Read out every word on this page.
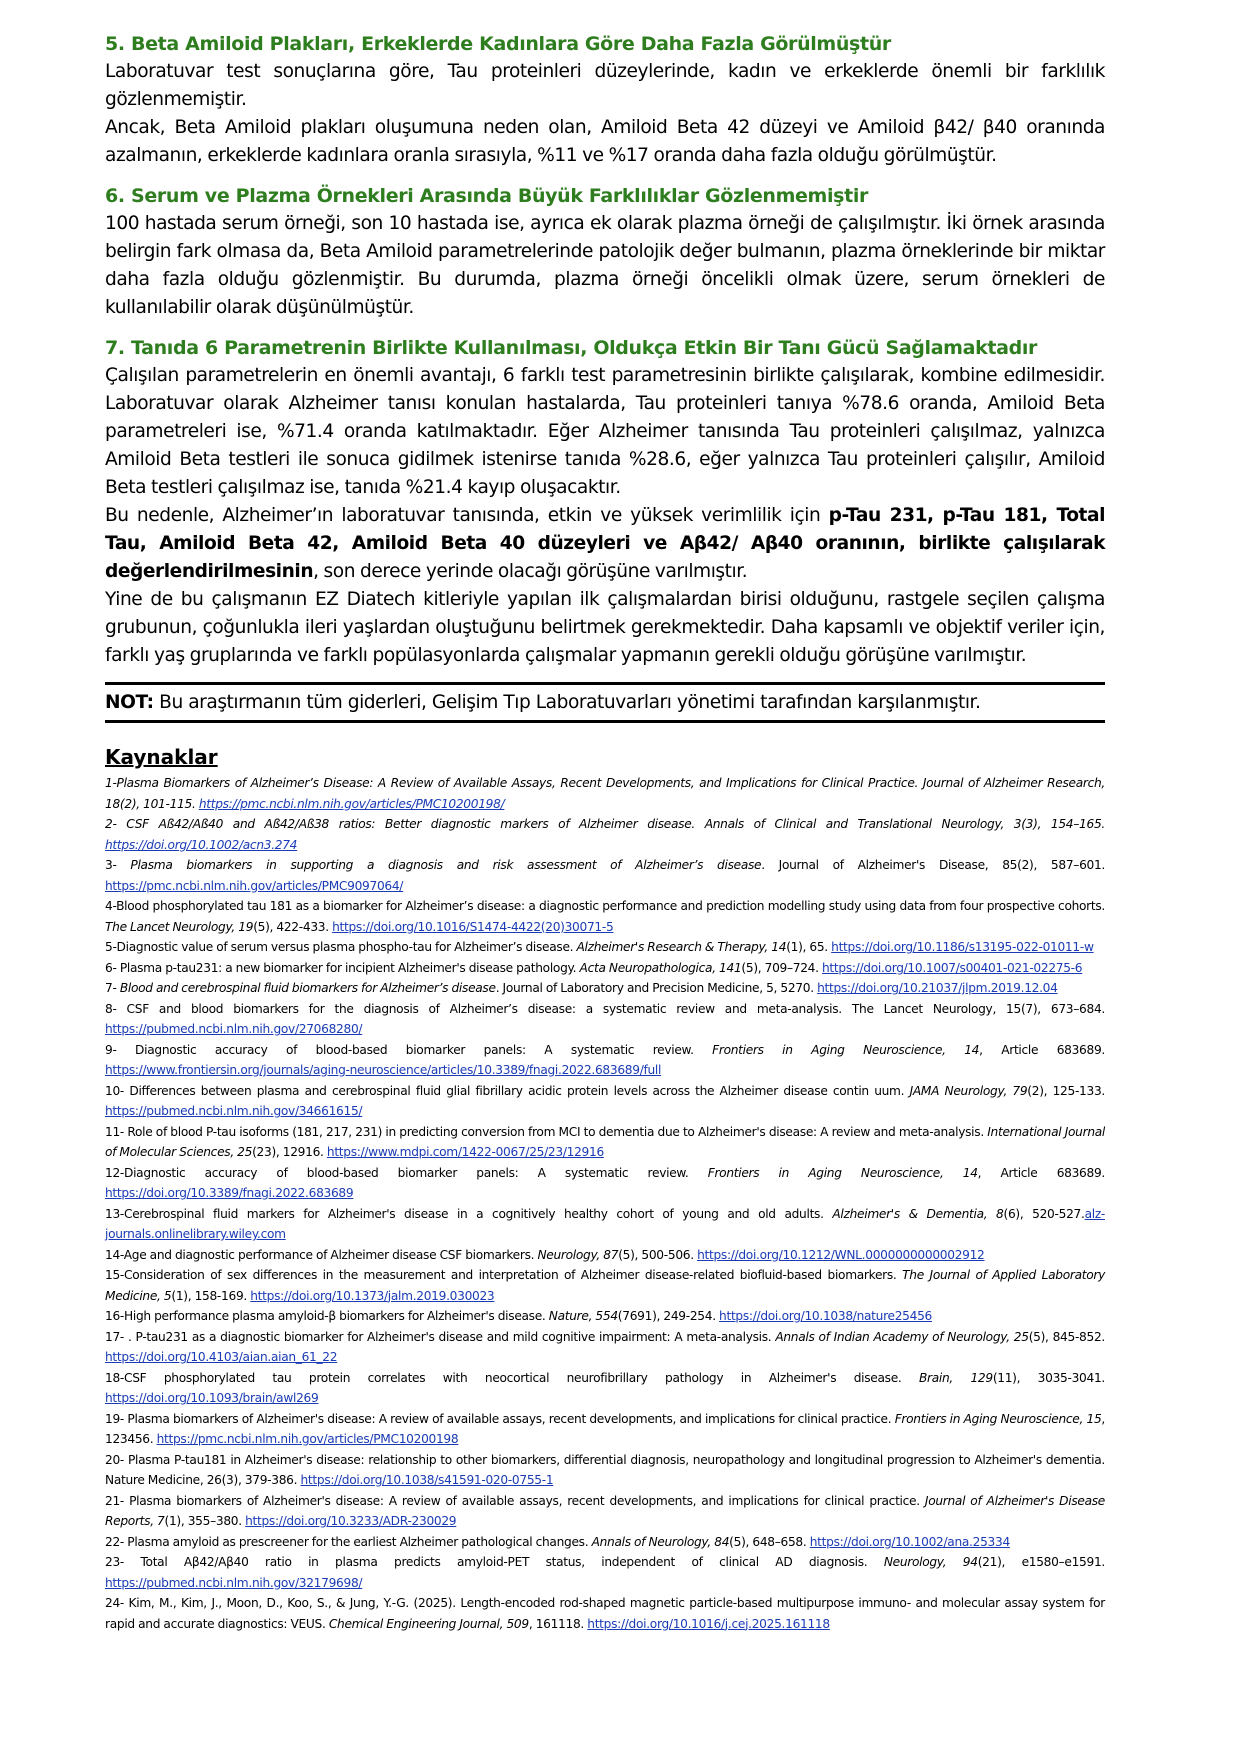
5. Beta Amiloid Plakları, Erkeklerde Kadınlara Göre Daha Fazla Görülmüştür

Laboratuvar test sonuçlarına göre, Tau proteinleri düzeylerinde, kadın ve erkeklerde önemli bir farklılık gözlenmemiştir.

Ancak, Beta Amiloid plakları oluşumuna neden olan, Amiloid Beta 42 düzeyi ve Amiloid β42/ β40 oranında azalmanın, erkeklerde kadınlara oranla sırasıyla, %11 ve %17 oranda daha fazla olduğu görülmüştür.

6. Serum ve Plazma Örnekleri Arasında Büyük Farklılıklar Gözlenmemiştir

100 hastada serum örneği, son 10 hastada ise, ayrıca ek olarak plazma örneği de çalışılmıştır. İki örnek arasında belirgin fark olmasa da, Beta Amiloid parametrelerinde patolojik değer bulmanın, plazma örneklerinde bir miktar daha fazla olduğu gözlenmiştir. Bu durumda, plazma örneği öncelikli olmak üzere, serum örnekleri de kullanılabilir olarak düşünülmüştür.

7. Tanıda 6 Parametrenin Birlikte Kullanılması, Oldukça Etkin Bir Tanı Gücü Sağlamaktadır

Çalışılan parametrelerin en önemli avantajı, 6 farklı test parametresinin birlikte çalışılarak, kombine edilmesidir. Laboratuvar olarak Alzheimer tanısı konulan hastalarda, Tau proteinleri tanıya %78.6 oranda, Amiloid Beta parametreleri ise, %71.4 oranda katılmaktadır. Eğer Alzheimer tanısında Tau proteinleri çalışılmaz, yalnızca Amiloid Beta testleri ile sonuca gidilmek istenirse tanıda %28.6, eğer yalnızca Tau proteinleri çalışılır, Amiloid Beta testleri çalışılmaz ise, tanıda %21.4 kayıp oluşacaktır.

Bu nedenle, Alzheimer’ın laboratuvar tanısında, etkin ve yüksek verimlilik için p-Tau 231, p-Tau 181, Total Tau, Amiloid Beta 42, Amiloid Beta 40 düzeyleri ve Aβ42/ Aβ40 oranının, birlikte çalışılarak değerlendirilmesinin, son derece yerinde olacağı görüşüne varılmıştır.

Yine de bu çalışmanın EZ Diatech kitleriyle yapılan ilk çalışmalardan birisi olduğunu, rastgele seçilen çalışma grubunun, çoğunlukla ileri yaşlardan oluştuğunu belirtmek gerekmektedir. Daha kapsamlı ve objektif veriler için, farklı yaş gruplarında ve farklı popülasyonlarda çalışmalar yapmanın gerekli olduğu görüşüne varılmıştır.

NOT: Bu araştırmanın tüm giderleri, Gelişim Tıp Laboratuvarları yönetimi tarafından karşılanmıştır.
Kaynaklar

1-Plasma Biomarkers of Alzheimer’s Disease: A Review of Available Assays, Recent Developments, and Implications for Clinical Practice. Journal of Alzheimer Research, 18(2), 101-115. https://pmc.ncbi.nlm.nih.gov/articles/PMC10200198/

2- CSF Aß42/Aß40 and Aß42/Aß38 ratios: Better diagnostic markers of Alzheimer disease. Annals of Clinical and Translational Neurology, 3(3), 154–165. https://doi.org/10.1002/acn3.274

3- Plasma biomarkers in supporting a diagnosis and risk assessment of Alzheimer’s disease. Journal of Alzheimer's Disease, 85(2), 587–601. https://pmc.ncbi.nlm.nih.gov/articles/PMC9097064/

4-Blood phosphorylated tau 181 as a biomarker for Alzheimer’s disease: a diagnostic performance and prediction modelling study using data from four prospective cohorts. The Lancet Neurology, 19(5), 422-433. https://doi.org/10.1016/S1474-4422(20)30071-5

5-Diagnostic value of serum versus plasma phospho-tau for Alzheimer’s disease. Alzheimer's Research & Therapy, 14(1), 65. https://doi.org/10.1186/s13195-022-01011-w

6- Plasma p-tau231: a new biomarker for incipient Alzheimer's disease pathology. Acta Neuropathologica, 141(5), 709–724. https://doi.org/10.1007/s00401-021-02275-6

7- Blood and cerebrospinal fluid biomarkers for Alzheimer’s disease. Journal of Laboratory and Precision Medicine, 5, 5270. https://doi.org/10.21037/jlpm.2019.12.04

8- CSF and blood biomarkers for the diagnosis of Alzheimer’s disease: a systematic review and meta-analysis. The Lancet Neurology, 15(7), 673–684. https://pubmed.ncbi.nlm.nih.gov/27068280/

9- Diagnostic accuracy of blood-based biomarker panels: A systematic review. Frontiers in Aging Neuroscience, 14, Article 683689. https://www.frontiersin.org/journals/aging-neuroscience/articles/10.3389/fnagi.2022.683689/full

10- Differences between plasma and cerebrospinal fluid glial fibrillary acidic protein levels across the Alzheimer disease contin uum. JAMA Neurology, 79(2), 125-133. https://pubmed.ncbi.nlm.nih.gov/34661615/

11- Role of blood P-tau isoforms (181, 217, 231) in predicting conversion from MCI to dementia due to Alzheimer's disease: A review and meta-analysis. International Journal of Molecular Sciences, 25(23), 12916. https://www.mdpi.com/1422-0067/25/23/12916

12-Diagnostic accuracy of blood-based biomarker panels: A systematic review. Frontiers in Aging Neuroscience, 14, Article 683689. https://doi.org/10.3389/fnagi.2022.683689

13-Cerebrospinal fluid markers for Alzheimer's disease in a cognitively healthy cohort of young and old adults. Alzheimer's & Dementia, 8(6), 520-527.alz-journals.onlinelibrary.wiley.com

14-Age and diagnostic performance of Alzheimer disease CSF biomarkers. Neurology, 87(5), 500-506. https://doi.org/10.1212/WNL.0000000000002912

15-Consideration of sex differences in the measurement and interpretation of Alzheimer disease-related biofluid-based biomarkers. The Journal of Applied Laboratory Medicine, 5(1), 158-169. https://doi.org/10.1373/jalm.2019.030023

16-High performance plasma amyloid-β biomarkers for Alzheimer's disease. Nature, 554(7691), 249-254. https://doi.org/10.1038/nature25456

17- . P-tau231 as a diagnostic biomarker for Alzheimer's disease and mild cognitive impairment: A meta-analysis. Annals of Indian Academy of Neurology, 25(5), 845-852. https://doi.org/10.4103/aian.aian_61_22

18-CSF phosphorylated tau protein correlates with neocortical neurofibrillary pathology in Alzheimer's disease. Brain, 129(11), 3035-3041. https://doi.org/10.1093/brain/awl269

19- Plasma biomarkers of Alzheimer's disease: A review of available assays, recent developments, and implications for clinical practice. Frontiers in Aging Neuroscience, 15, 123456. https://pmc.ncbi.nlm.nih.gov/articles/PMC10200198

20- Plasma P-tau181 in Alzheimer's disease: relationship to other biomarkers, differential diagnosis, neuropathology and longitudinal progression to Alzheimer's dementia. Nature Medicine, 26(3), 379-386. https://doi.org/10.1038/s41591-020-0755-1

21- Plasma biomarkers of Alzheimer's disease: A review of available assays, recent developments, and implications for clinical practice. Journal of Alzheimer's Disease Reports, 7(1), 355–380. https://doi.org/10.3233/ADR-230029

22- Plasma amyloid as prescreener for the earliest Alzheimer pathological changes. Annals of Neurology, 84(5), 648–658. https://doi.org/10.1002/ana.25334

23- Total Aβ42/Aβ40 ratio in plasma predicts amyloid-PET status, independent of clinical AD diagnosis. Neurology, 94(21), e1580–e1591. https://pubmed.ncbi.nlm.nih.gov/32179698/

24- Kim, M., Kim, J., Moon, D., Koo, S., & Jung, Y.-G. (2025). Length-encoded rod-shaped magnetic particle-based multipurpose immuno- and molecular assay system for rapid and accurate diagnostics: VEUS. Chemical Engineering Journal, 509, 161118. https://doi.org/10.1016/j.cej.2025.161118
